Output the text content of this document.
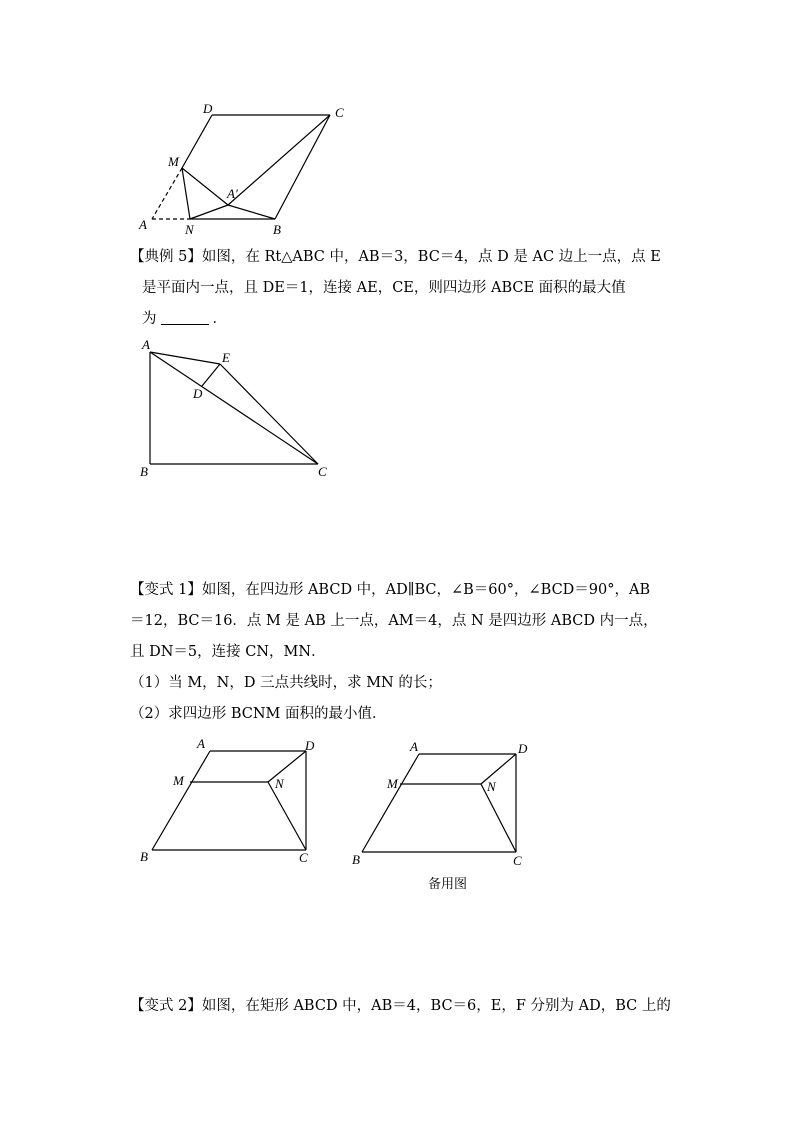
D	C
M
A′
A	N	B
【典例 5】如图，在 Rt△ABC 中，AB＝3，BC＝4，点 D 是 AC 边上一点，点 E
是平面内一点，且 DE＝1，连接 AE，CE，则四边形 ABCE 面积的最大值
为	．
A
E
D
B	C
【变式 1】如图，在四边形 ABCD 中，AD∥BC，∠B＝60°，∠BCD＝90°，AB
＝12，BC＝16．点 M 是 AB 上一点，AM＝4，点 N 是四边形 ABCD 内一点，
且 DN＝5，连接 CN，MN．
（1）当 M，N，D 三点共线时，求 MN 的长；
（2）求四边形 BCNM 面积的最小值．
A	D
M	N
B	C
A	D
M	N
B	C
备用图
【变式 2】如图，在矩形 ABCD 中，AB＝4，BC＝6，E，F 分别为 AD，BC 上的
